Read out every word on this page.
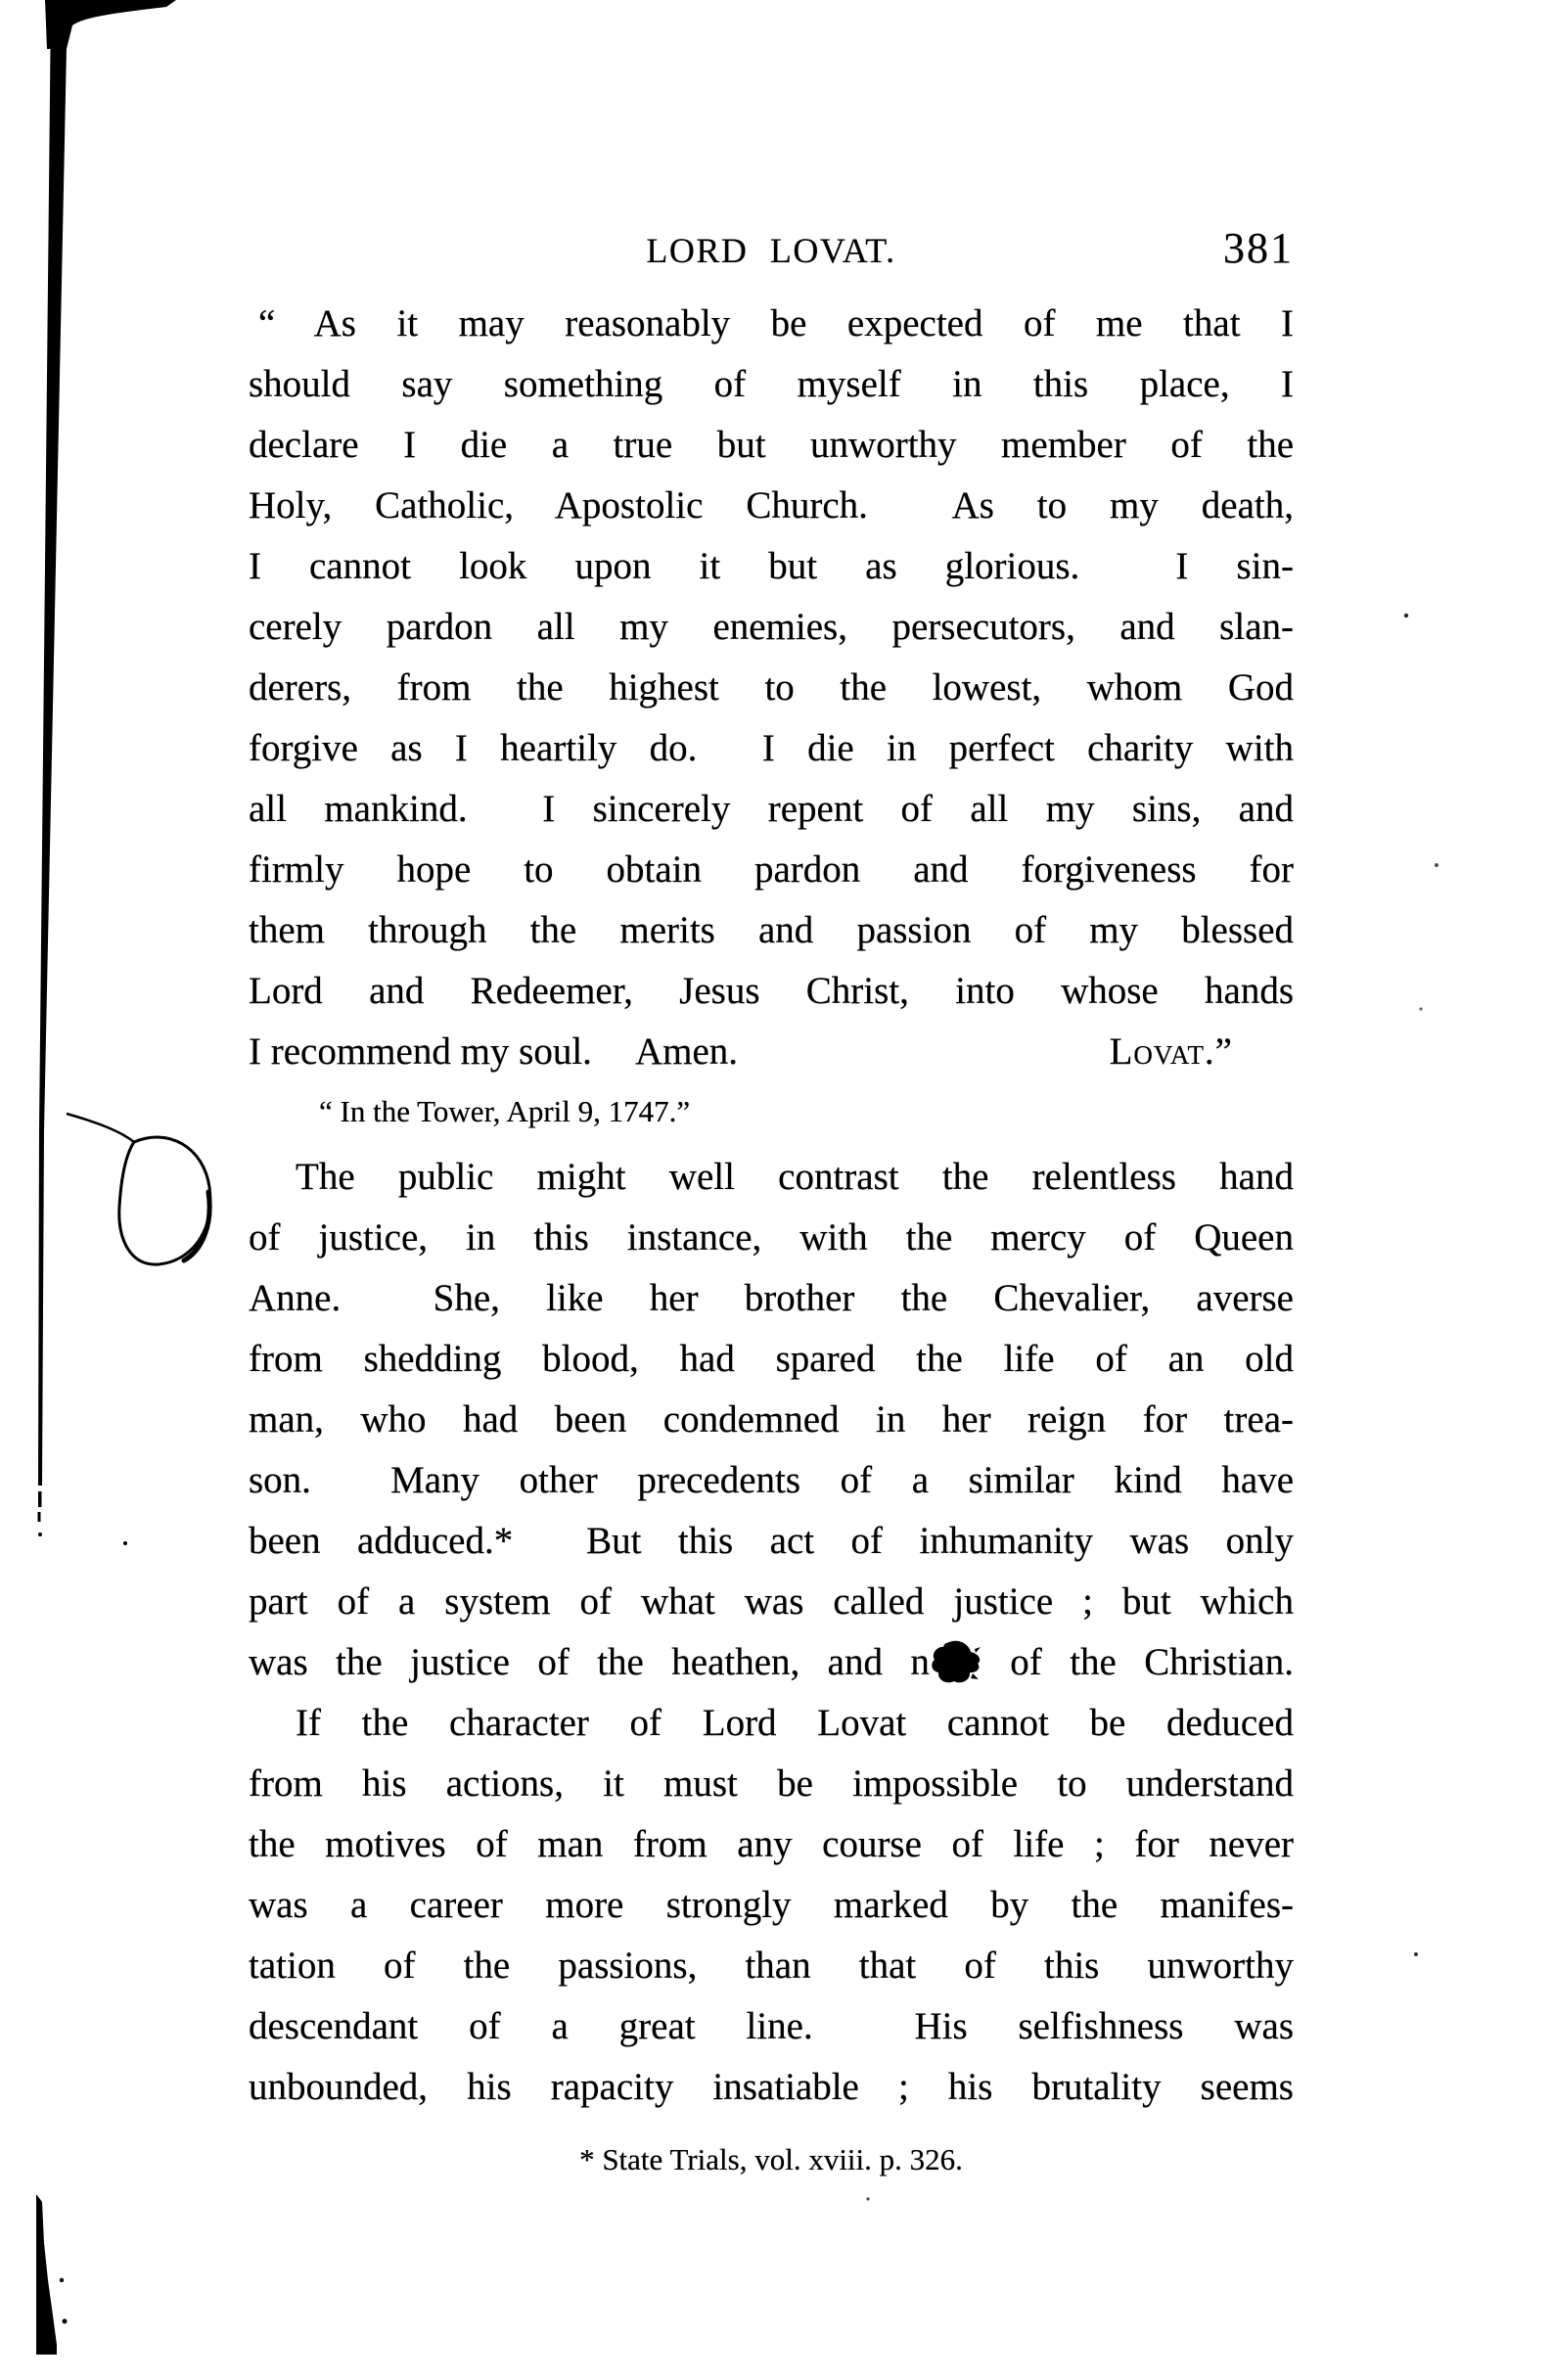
LORD LOVAT.	381
“ As it may reasonably be expected of me that I
should say something of myself in this place, I
declare I die a true but unworthy member of the
Holy, Catholic, Apostolic Church.  As to my death,
I cannot look upon it but as glorious.  I sin-
cerely pardon all my enemies, persecutors, and slan-
derers, from the highest to the lowest, whom God
forgive as I heartily do.  I die in perfect charity with
all mankind.  I sincerely repent of all my sins, and
firmly hope to obtain pardon and forgiveness for
them through the merits and passion of my blessed
Lord and Redeemer, Jesus Christ, into whose hands
I recommend my soul. Amen.	Lovat.”
“ In the Tower, April 9, 1747.”
The public might well contrast the relentless hand
of justice, in this instance, with the mercy of Queen
Anne.  She, like her brother the Chevalier, averse
from shedding blood, had spared the life of an old
man, who had been condemned in her reign for trea-
son.  Many other precedents of a similar kind have
been adduced.*  But this act of inhumanity was only
part of a system of what was called justice ; but which
was the justice of the heathen, and n of the Christian.
If the character of Lord Lovat cannot be deduced
from his actions, it must be impossible to understand
the motives of man from any course of life ; for never
was a career more strongly marked by the manifes-
tation of the passions, than that of this unworthy
descendant of a great line.  His selfishness was
unbounded, his rapacity insatiable ; his brutality seems
* State Trials, vol. xviii. p. 326.
